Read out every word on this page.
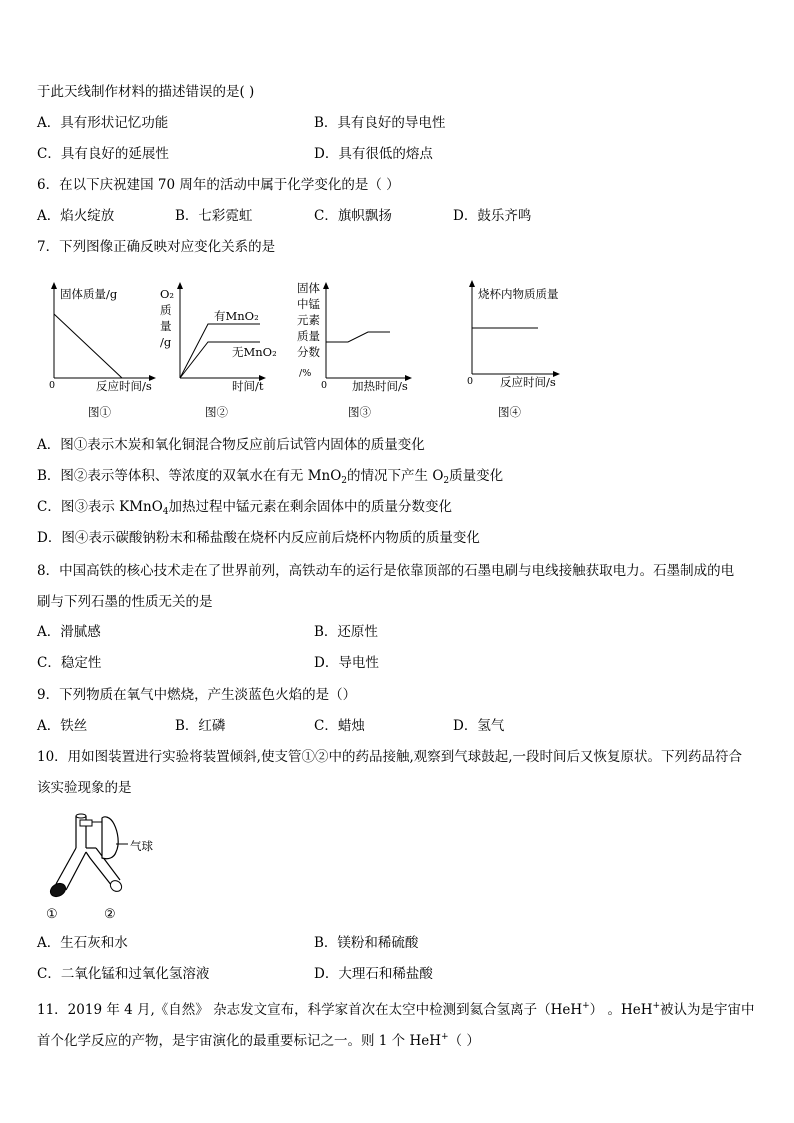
于此天线制作材料的描述错误的是( )
A．具有形状记忆功能	B．具有良好的导电性
C．具有良好的延展性	D．具有很低的熔点
6．在以下庆祝建国 70 周年的活动中属于化学变化的是（ ）
A．焰火绽放	B．七彩霓虹	C．旗帜飘扬	D．鼓乐齐鸣
7．下列图像正确反映对应变化关系的是
固体质量/g
0	反应时间/s
图①
O₂
质
量
/g
有MnO₂
无MnO₂
时间/t
图②
固体
中锰
元素
质量
分数
/%
0 加热时间/s
图③
烧杯内物质质量
0 反应时间/s
图④
A．图①表示木炭和氧化铜混合物反应前后试管内固体的质量变化
B．图②表示等体积、等浓度的双氧水在有无 MnO$_2$的情况下产生 $O_2$质量变化
C．图③表示 KMnO$_4$加热过程中锰元素在剩余固体中的质量分数变化
D．图④表示碳酸钠粉末和稀盐酸在烧杯内反应前后烧杯内物质的质量变化
8．中国高铁的核心技术走在了世界前列，高铁动车的运行是依靠顶部的石墨电刷与电线接触获取电力。石墨制成的电
刷与下列石墨的性质无关的是
A．滑腻感	B．还原性
C．稳定性	D．导电性
9．下列物质在氧气中燃烧，产生淡蓝色火焰的是（）
A．铁丝	B．红磷	C．蜡烛	D．氢气
10．用如图装置进行实验将装置倾斜,使支管①②中的药品接触,观察到气球鼓起,一段时间后又恢复原状。下列药品符合
该实验现象的是
气球
①	②
A．生石灰和水	B．镁粉和稀硫酸
C．二氧化锰和过氧化氢溶液	D．大理石和稀盐酸
11．2019 年 4 月,《自然》 杂志发文宣布，科学家首次在太空中检测到氦合氢离子（HeH+） 。HeH+被认为是宇宙中
首个化学反应的产物，是宇宙演化的最重要标记之一。则 1 个 HeH+（ ）
